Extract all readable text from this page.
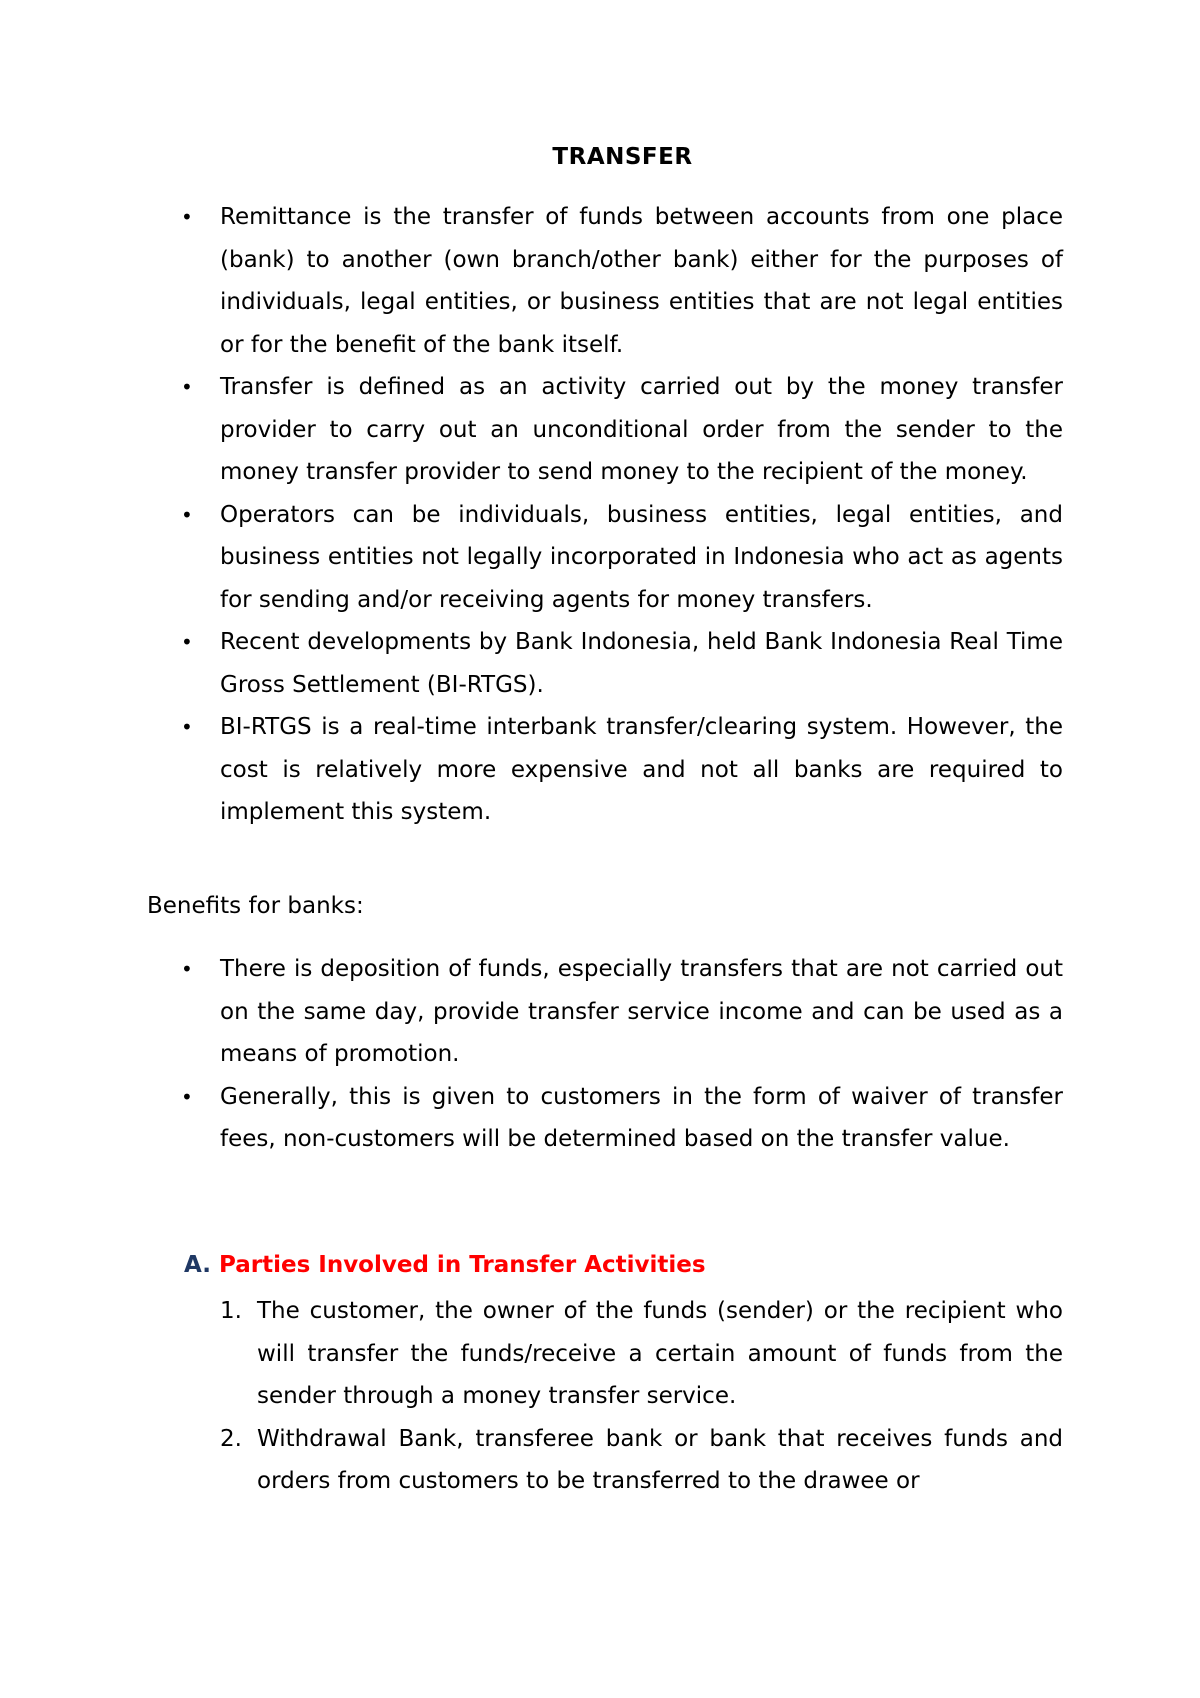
TRANSFER
• Remittance is the transfer of funds between accounts from one place (bank) to another (own branch/other bank) either for the purposes of individuals, legal entities, or business entities that are not legal entities or for the benefit of the bank itself.
• Transfer is defined as an activity carried out by the money transfer provider to carry out an unconditional order from the sender to the money transfer provider to send money to the recipient of the money.
• Operators can be individuals, business entities, legal entities, and business entities not legally incorporated in Indonesia who act as agents for sending and/or receiving agents for money transfers.
• Recent developments by Bank Indonesia, held Bank Indonesia Real Time Gross Settlement (BI-RTGS).
• BI-RTGS is a real-time interbank transfer/clearing system. However, the cost is relatively more expensive and not all banks are required to implement this system.
Benefits for banks:
• There is deposition of funds, especially transfers that are not carried out on the same day, provide transfer service income and can be used as a means of promotion.
• Generally, this is given to customers in the form of waiver of transfer fees, non-customers will be determined based on the transfer value.
A. Parties Involved in Transfer Activities
1. The customer, the owner of the funds (sender) or the recipient who will transfer the funds/receive a certain amount of funds from the sender through a money transfer service.
2. Withdrawal Bank, transferee bank or bank that receives funds and orders from customers to be transferred to the drawee or
